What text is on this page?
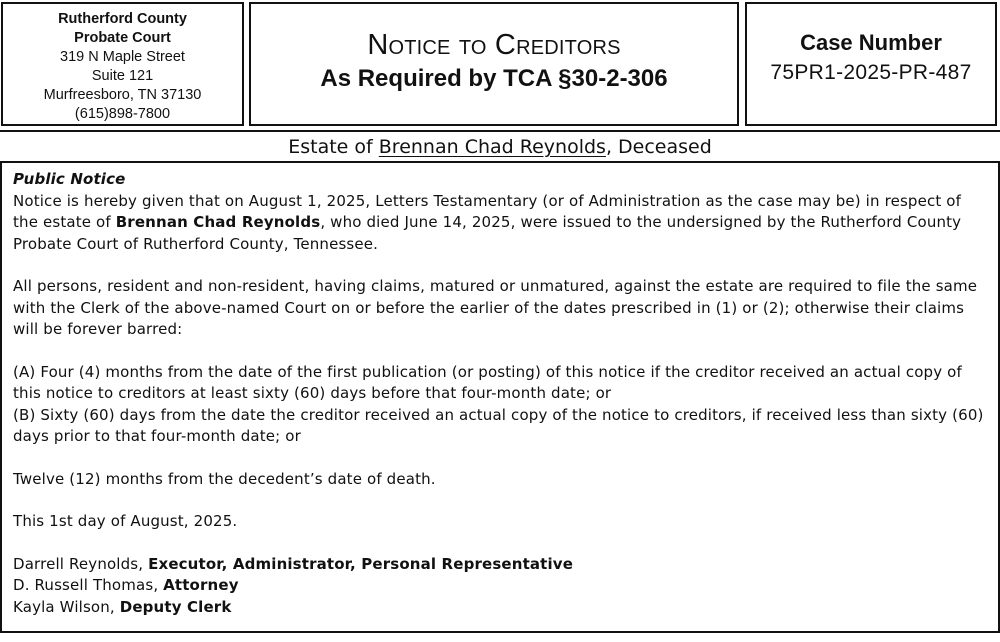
Rutherford County
Probate Court
319 N Maple Street
Suite 121
Murfreesboro, TN 37130
(615)898-7800
Notice to Creditors
As Required by TCA §30-2-306
Case Number
75PR1-2025-PR-487
Estate of Brennan Chad Reynolds, Deceased

Public Notice

Notice is hereby given that on August 1, 2025, Letters Testamentary (or of Administration as the case may be) in respect of the estate of Brennan Chad Reynolds, who died June 14, 2025, were issued to the undersigned by the Rutherford County Probate Court of Rutherford County, Tennessee.

All persons, resident and non-resident, having claims, matured or unmatured, against the estate are required to file the same with the Clerk of the above-named Court on or before the earlier of the dates prescribed in (1) or (2); otherwise their claims will be forever barred:

(A) Four (4) months from the date of the first publication (or posting) of this notice if the creditor received an actual copy of this notice to creditors at least sixty (60) days before that four-month date; or

(B) Sixty (60) days from the date the creditor received an actual copy of the notice to creditors, if received less than sixty (60) days prior to that four-month date; or

Twelve (12) months from the decedent’s date of death.

This 1st day of August, 2025.

Darrell Reynolds, Executor, Administrator, Personal Representative

D. Russell Thomas, Attorney

Kayla Wilson, Deputy Clerk
